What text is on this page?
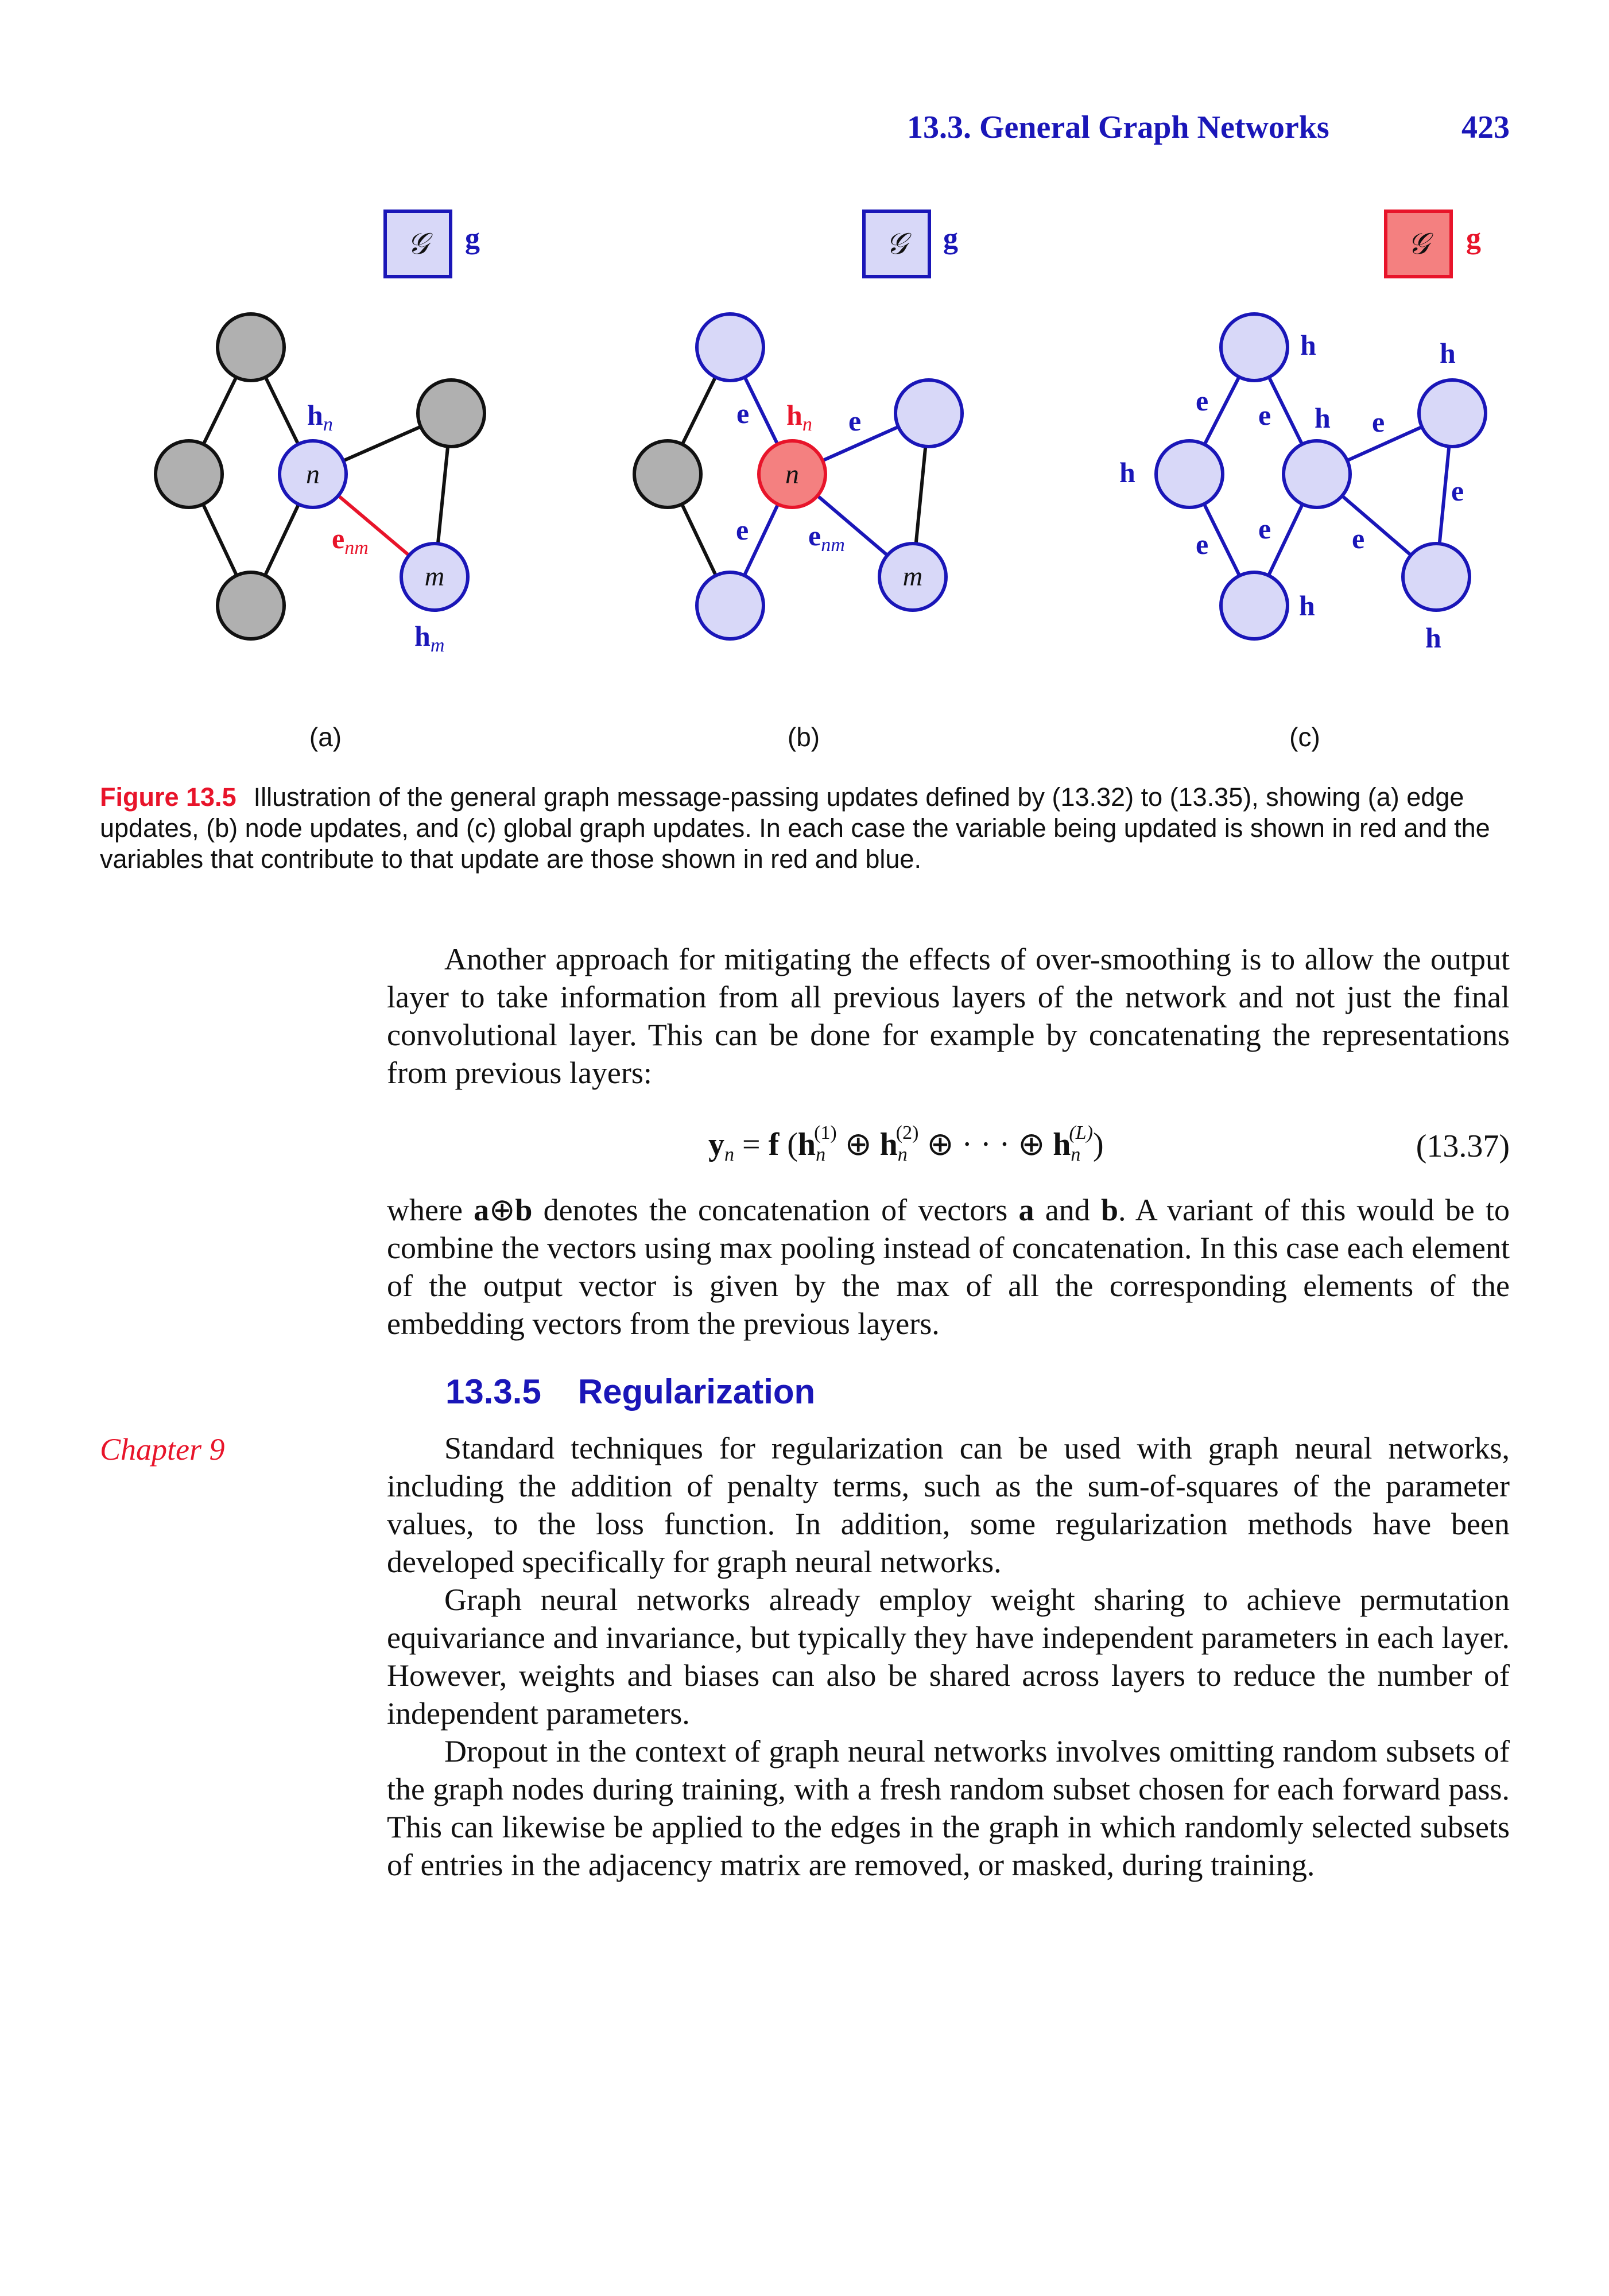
13.3. General Graph Networks	423
𝒢 g
n
m
$h_n$
$e_{nm}$
$h_m$
𝒢 g
n
m
$h_n$
e	e
e $e_{nm}$
𝒢 g
h
h
h
h
h
h
e e	e
e
e
e	e
(a)	(b)	(c)
Figure 13.5 Illustration of the general graph message-passing updates defined by (13.32) to (13.35), showing (a) edge updates, (b) node updates, and (c) global graph updates. In each case the variable being updated is shown in red and the variables that contribute to that update are those shown in red and blue.
Another approach for mitigating the effects of over-smoothing is to allow the output layer to take information from all previous layers of the network and not just the final convolutional layer. This can be done for example by concatenating the representations from previous layers:
$y_n = f$ ($h_n^{(1)}$ ⊕ $h_n^{(2)}$ ⊕ · · · ⊕ $h_n^{(L)}$)	(13.37)
where a⊕b denotes the concatenation of vectors a and b. A variant of this would be to combine the vectors using max pooling instead of concatenation. In this case each element of the output vector is given by the max of all the corresponding elements of the embedding vectors from the previous layers.
13.3.5 Regularization
Chapter 9	Standard techniques for regularization can be used with graph neural networks, including the addition of penalty terms, such as the sum-of-squares of the parameter values, to the loss function. In addition, some regularization methods have been developed specifically for graph neural networks.
Graph neural networks already employ weight sharing to achieve permutation equivariance and invariance, but typically they have independent parameters in each layer. However, weights and biases can also be shared across layers to reduce the number of independent parameters.
Dropout in the context of graph neural networks involves omitting random subsets of the graph nodes during training, with a fresh random subset chosen for each forward pass. This can likewise be applied to the edges in the graph in which randomly selected subsets of entries in the adjacency matrix are removed, or masked, during training.
